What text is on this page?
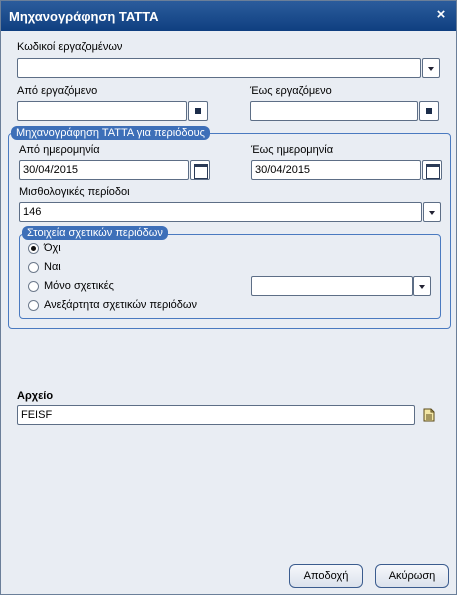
Μηχανογράφηση ΤΑΤΤΑ	×
Κωδικοί εργαζομένων
Από εργαζόμενο	Έως εργαζόμενο
Μηχανογράφηση ΤΑΤΤΑ για περιόδους
Από ημερομηνία
30/04/2015
Έως ημερομηνία
30/04/2015
Μισθολογικές περίοδοι
146
Στοιχεία σχετικών περιόδων
Όχι
Ναι
Μόνο σχετικές
Ανεξάρτητα σχετικών περιόδων
Αρχείο
FEISF
Αποδοχή	Ακύρωση
